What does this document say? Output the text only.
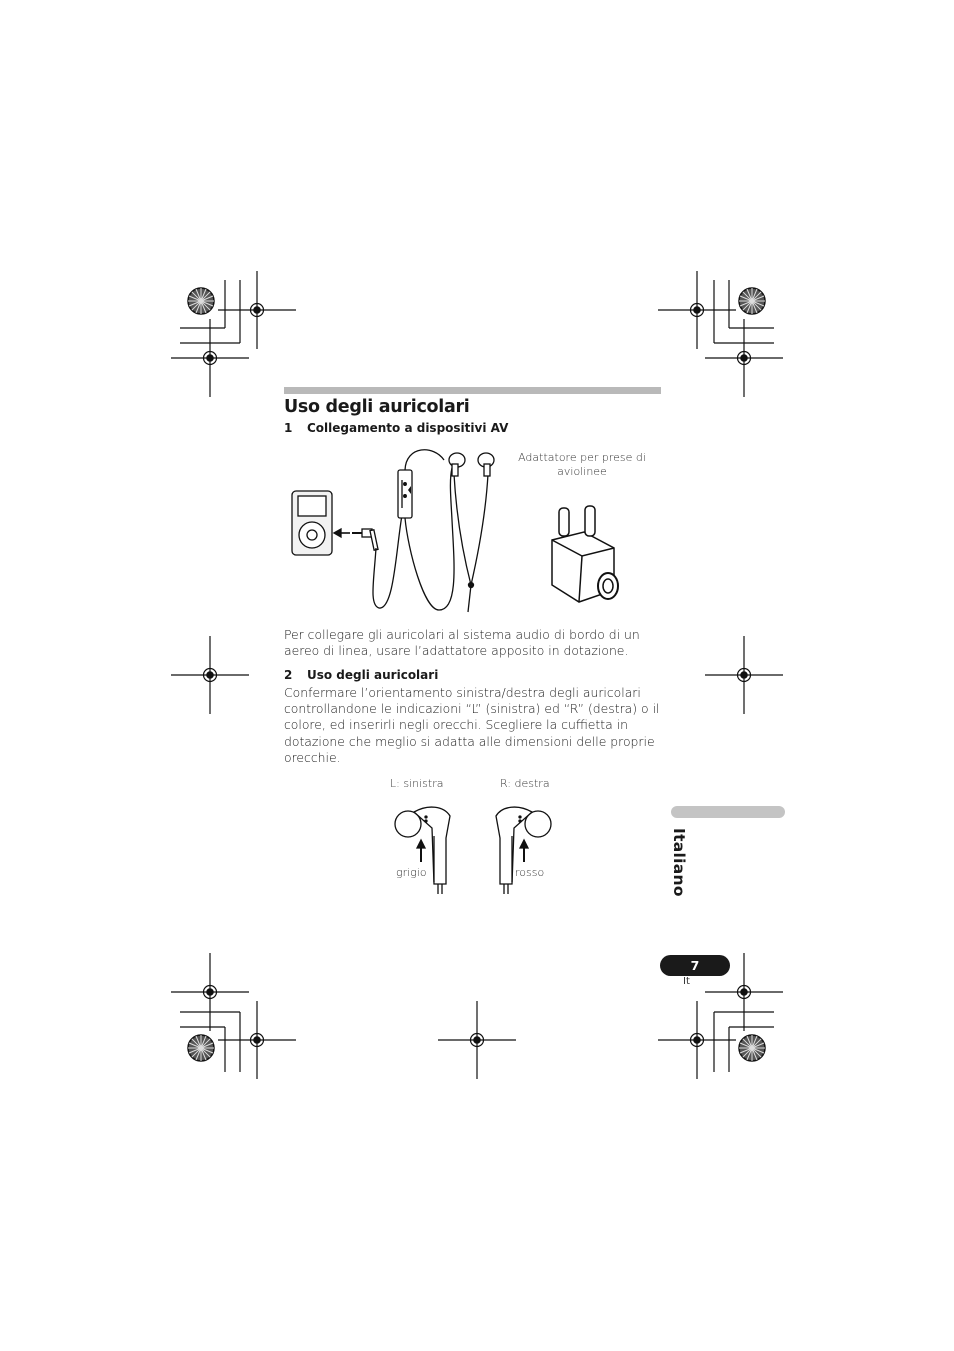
Uso degli auricolari
1 Collegamento a dispositivi AV
Adattatore per prese di
aviolinee
Per collegare gli auricolari al sistema audio di bordo di un aereo di linea, usare l’adattatore apposito in dotazione.
2 Uso degli auricolari
Confermare l’orientamento sinistra/destra degli auricolari controllandone le indicazioni “L” (sinistra) ed “R” (destra) o il colore, ed inserirli negli orecchi. Scegliere la cuffietta in dotazione che meglio si adatta alle dimensioni delle proprie orecchie.
L: sinistra	R: destra
grigio	rosso	Italiano
7
It
